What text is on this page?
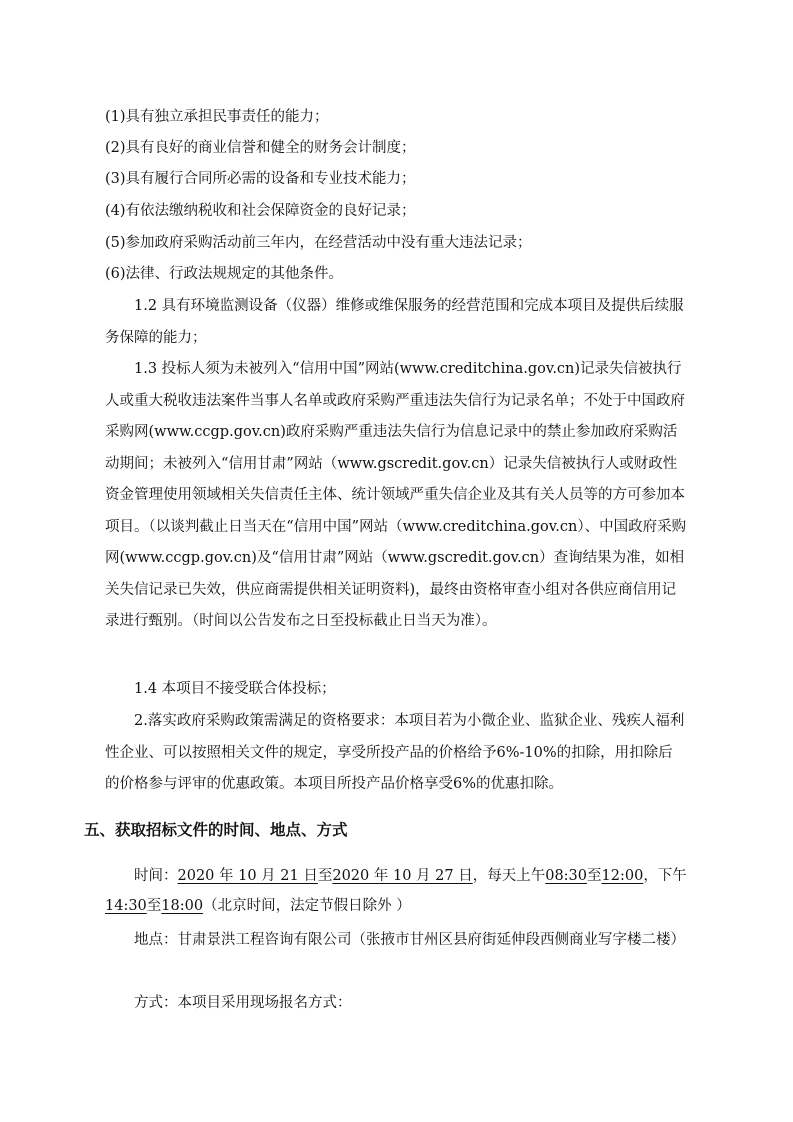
(1)具有独立承担民事责任的能力；

(2)具有良好的商业信誉和健全的财务会计制度；

(3)具有履行合同所必需的设备和专业技术能力；

(4)有依法缴纳税收和社会保障资金的良好记录；

(5)参加政府采购活动前三年内，在经营活动中没有重大违法记录；

(6)法律、行政法规规定的其他条件。

1.2 具有环境监测设备（仪器）维修或维保服务的经营范围和完成本项目及提供后续服务保障的能力；

1.3 投标人须为未被列入“信用中国”网站(www.creditchina.gov.cn)记录失信被执行人或重大税收违法案件当事人名单或政府采购严重违法失信行为记录名单；不处于中国政府采购网(www.ccgp.gov.cn)政府采购严重违法失信行为信息记录中的禁止参加政府采购活动期间；未被列入“信用甘肃”网站（www.gscredit.gov.cn）记录失信被执行人或财政性资金管理使用领域相关失信责任主体、统计领域严重失信企业及其有关人员等的方可参加本项目。（以谈判截止日当天在“信用中国”网站（www.creditchina.gov.cn）、中国政府采购网(www.ccgp.gov.cn)及“信用甘肃”网站（www.gscredit.gov.cn）查询结果为准，如相关失信记录已失效，供应商需提供相关证明资料)，最终由资格审查小组对各供应商信用记录进行甄别。（时间以公告发布之日至投标截止日当天为准）。

1.4 本项目不接受联合体投标；

2.落实政府采购政策需满足的资格要求：本项目若为小微企业、监狱企业、残疾人福利性企业、可以按照相关文件的规定，享受所投产品的价格给予6%-10%的扣除，用扣除后的价格参与评审的优惠政策。本项目所投产品价格享受6%的优惠扣除。

五、获取招标文件的时间、地点、方式

时间：2020 年 10 月 21 日至2020 年 10 月 27 日，每天上午08:30至12:00，下午14:30至18:00（北京时间，法定节假日除外 ）

地点：甘肃景洪工程咨询有限公司（张掖市甘州区县府街延伸段西侧商业写字楼二楼）

方式：本项目采用现场报名方式：
